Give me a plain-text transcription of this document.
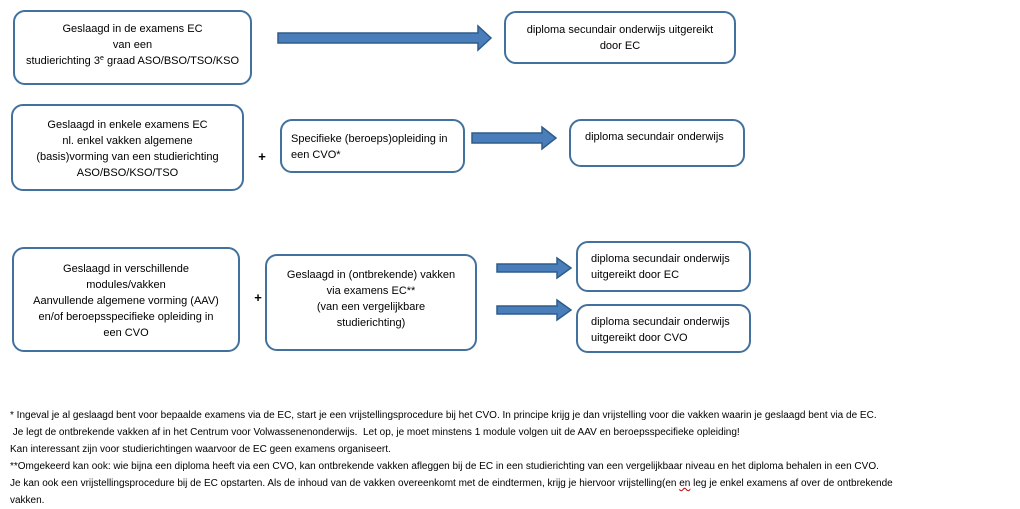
Geslaagd in de examens EC
van een
studierichting 3e graad ASO/BSO/TSO/KSO
diploma secundair onderwijs uitgereikt
door EC
Geslaagd in enkele examens EC
nl. enkel vakken algemene
(basis)vorming van een studierichting
ASO/BSO/KSO/TSO
+
Specifieke (beroeps)opleiding in
een CVO*
diploma secundair onderwijs
Geslaagd in verschillende
modules/vakken
Aanvullende algemene vorming (AAV)
en/of beroepsspecifieke opleiding in
een CVO
+
Geslaagd in (ontbrekende) vakken
via examens EC**
(van een vergelijkbare
studierichting)
diploma secundair onderwijs
uitgereikt door EC
diploma secundair onderwijs
uitgereikt door CVO
* Ingeval je al geslaagd bent voor bepaalde examens via de EC, start je een vrijstellingsprocedure bij het CVO. In principe krijg je dan vrijstelling voor die vakken waarin je geslaagd bent via de EC.
Je legt de ontbrekende vakken af in het Centrum voor Volwassenenonderwijs.  Let op, je moet minstens 1 module volgen uit de AAV en beroepsspecifieke opleiding!
Kan interessant zijn voor studierichtingen waarvoor de EC geen examens organiseert.
**Omgekeerd kan ook: wie bijna een diploma heeft via een CVO, kan ontbrekende vakken afleggen bij de EC in een studierichting van een vergelijkbaar niveau en het diploma behalen in een CVO.
Je kan ook een vrijstellingsprocedure bij de EC opstarten. Als de inhoud van de vakken overeenkomt met de eindtermen, krijg je hiervoor vrijstelling(en en leg je enkel examens af over de ontbrekende
vakken.
